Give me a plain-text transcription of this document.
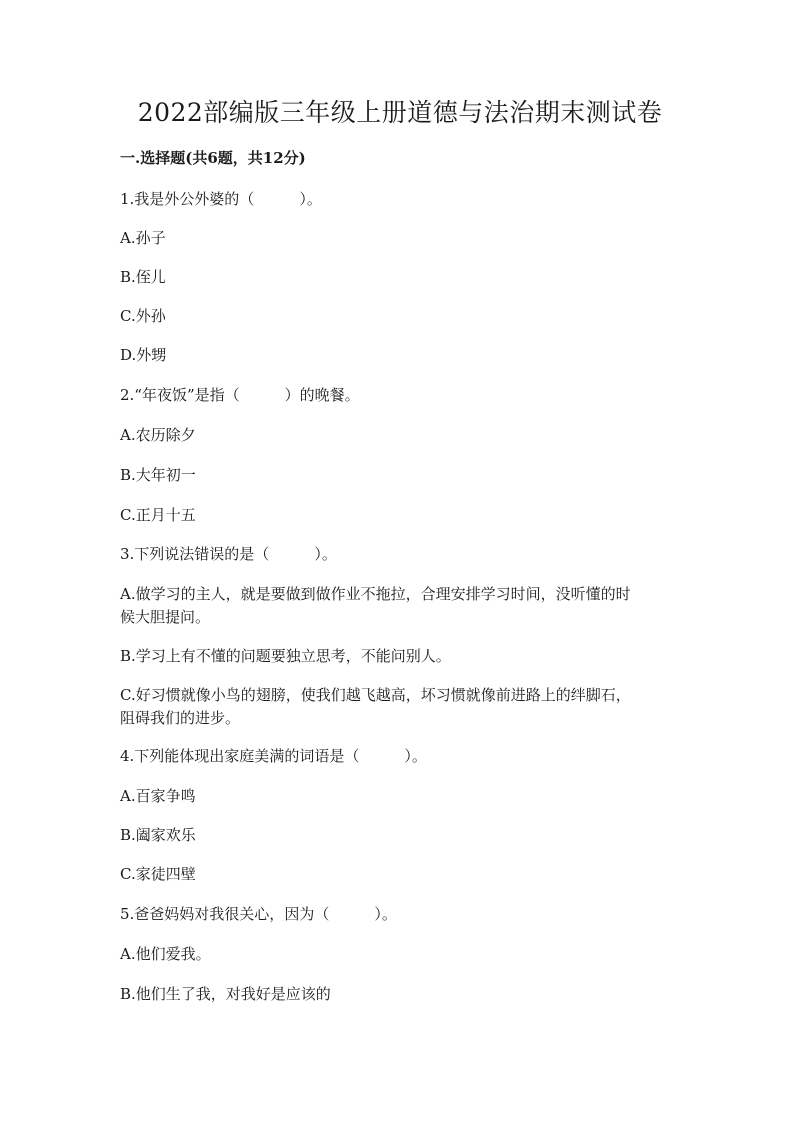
2022部编版三年级上册道德与法治期末测试卷
一.选择题(共6题，共12分)
1.我是外公外婆的（　　　）。
A.孙子
B.侄儿
C.外孙
D.外甥
2.“年夜饭”是指（　　　）的晚餐。
A.农历除夕
B.大年初一
C.正月十五
3.下列说法错误的是（　　　）。
A.做学习的主人，就是要做到做作业不拖拉，合理安排学习时间，没听懂的时
候大胆提问。
B.学习上有不懂的问题要独立思考，不能问别人。
C.好习惯就像小鸟的翅膀，使我们越飞越高，坏习惯就像前进路上的绊脚石，
阻碍我们的进步。
4.下列能体现出家庭美满的词语是（　　　）。
A.百家争鸣
B.阖家欢乐
C.家徒四壁
5.爸爸妈妈对我很关心，因为（　　　）。
A.他们爱我。
B.他们生了我，对我好是应该的
